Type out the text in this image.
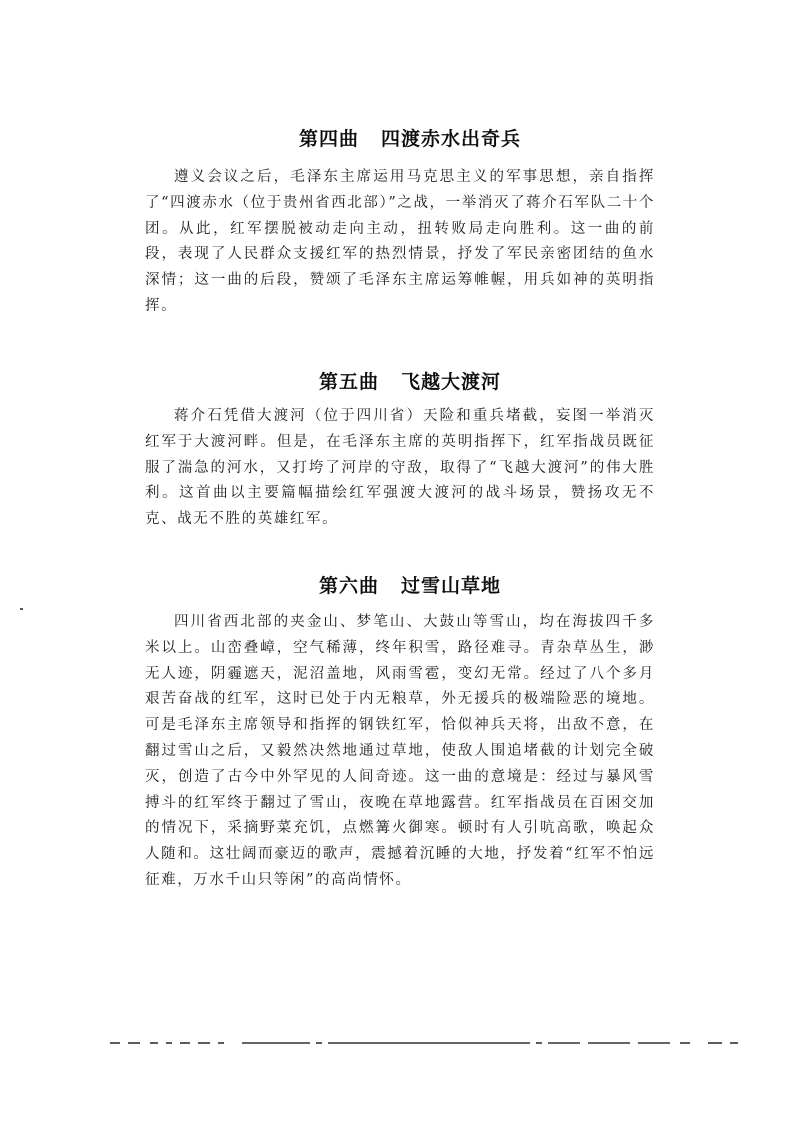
第四曲 四渡赤水出奇兵

遵义会议之后，毛泽东主席运用马克思主义的军事思想，亲自指挥了“四渡赤水（位于贵州省西北部）”之战，一举消灭了蒋介石军队二十个团。从此，红军摆脱被动走向主动，扭转败局走向胜利。这一曲的前段，表现了人民群众支援红军的热烈情景，抒发了军民亲密团结的鱼水深情；这一曲的后段，赞颂了毛泽东主席运筹帷幄，用兵如神的英明指挥。

第五曲 飞越大渡河

蒋介石凭借大渡河（位于四川省）天险和重兵堵截，妄图一举消灭红军于大渡河畔。但是，在毛泽东主席的英明指挥下，红军指战员既征服了湍急的河水，又打垮了河岸的守敌，取得了“飞越大渡河”的伟大胜利。这首曲以主要篇幅描绘红军强渡大渡河的战斗场景，赞扬攻无不克、战无不胜的英雄红军。

第六曲 过雪山草地

四川省西北部的夹金山、梦笔山、大鼓山等雪山，均在海拔四千多米以上。山峦叠嶂，空气稀薄，终年积雪，路径难寻。青杂草丛生，渺无人迹，阴霾遮天，泥沼盖地，风雨雪雹，变幻无常。经过了八个多月艰苦奋战的红军，这时已处于内无粮草，外无援兵的极端险恶的境地。可是毛泽东主席领导和指挥的钢铁红军，恰似神兵天将，出敌不意，在翻过雪山之后，又毅然决然地通过草地，使敌人围追堵截的计划完全破灭，创造了古今中外罕见的人间奇迹。这一曲的意境是：经过与暴风雪搏斗的红军终于翻过了雪山，夜晚在草地露营。红军指战员在百困交加的情况下，采摘野菜充饥，点燃篝火御寒。顿时有人引吭高歌，唤起众人随和。这壮阔而豪迈的歌声，震撼着沉睡的大地，抒发着“红军不怕远征难，万水千山只等闲”的高尚情怀。
